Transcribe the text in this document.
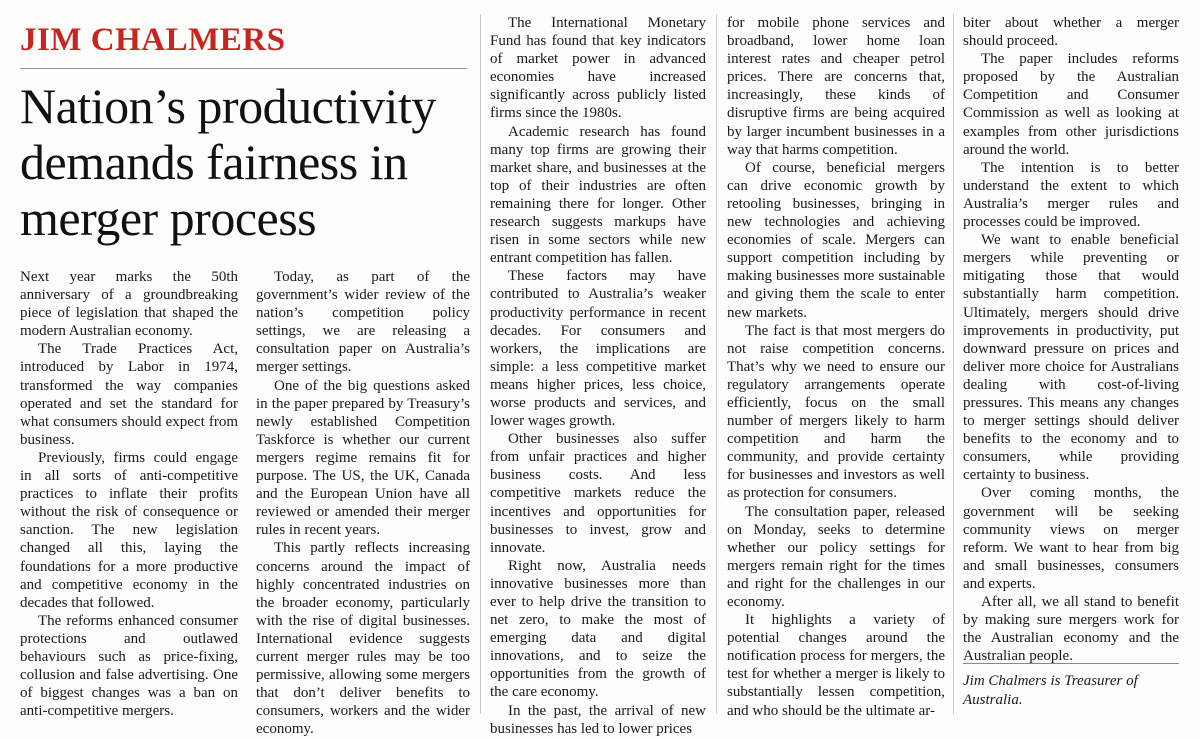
JIM CHALMERS
Nation’s productivity demands fairness in merger process

Next year marks the 50th anniversary of a groundbreaking piece of legislation that shaped the modern Australian economy.

The Trade Practices Act, introduced by Labor in 1974, transformed the way companies operated and set the standard for what consumers should expect from business.

Previously, firms could engage in all sorts of anti-competitive practices to inflate their profits without the risk of consequence or sanction. The new legislation changed all this, laying the foundations for a more productive and competitive economy in the decades that followed.

The reforms enhanced consumer protections and outlawed behaviours such as price-fixing, collusion and false advertising. One of biggest changes was a ban on anti-competitive mergers.

Today, as part of the government’s wider review of the nation’s competition policy settings, we are releasing a consultation paper on Australia’s merger settings.

One of the big questions asked in the paper prepared by Treasury’s newly established Competition Taskforce is whether our current mergers regime remains fit for purpose. The US, the UK, Canada and the European Union have all reviewed or amended their merger rules in recent years.

This partly reflects increasing concerns around the impact of highly concentrated industries on the broader economy, particularly with the rise of digital businesses. International evidence suggests current merger rules may be too permissive, allowing some mergers that don’t deliver benefits to consumers, workers and the wider economy.

The International Monetary Fund has found that key indicators of market power in advanced economies have increased significantly across publicly listed firms since the 1980s.

Academic research has found many top firms are growing their market share, and businesses at the top of their industries are often remaining there for longer. Other research suggests markups have risen in some sectors while new entrant competition has fallen.

These factors may have contributed to Australia’s weaker productivity performance in recent decades. For consumers and workers, the implications are simple: a less competitive market means higher prices, less choice, worse products and services, and lower wages growth.

Other businesses also suffer from unfair practices and higher business costs. And less competitive markets reduce the incentives and opportunities for businesses to invest, grow and innovate.

Right now, Australia needs innovative businesses more than ever to help drive the transition to net zero, to make the most of emerging data and digital innovations, and to seize the opportunities from the growth of the care economy.

In the past, the arrival of new businesses has led to lower prices

for mobile phone services and broadband, lower home loan interest rates and cheaper petrol prices. There are concerns that, increasingly, these kinds of disruptive firms are being acquired by larger incumbent businesses in a way that harms competition.

Of course, beneficial mergers can drive economic growth by retooling businesses, bringing in new technologies and achieving economies of scale. Mergers can support competition including by making businesses more sustainable and giving them the scale to enter new markets.

The fact is that most mergers do not raise competition concerns. That’s why we need to ensure our regulatory arrangements operate efficiently, focus on the small number of mergers likely to harm competition and harm the community, and provide certainty for businesses and investors as well as protection for consumers.

The consultation paper, released on Monday, seeks to determine whether our policy settings for mergers remain right for the times and right for the challenges in our economy.

It highlights a variety of potential changes around the notification process for mergers, the test for whether a merger is likely to substantially lessen competition, and who should be the ultimate ar-

biter about whether a merger should proceed.

The paper includes reforms proposed by the Australian Competition and Consumer Commission as well as looking at examples from other jurisdictions around the world.

The intention is to better understand the extent to which Australia’s merger rules and processes could be improved.

We want to enable beneficial mergers while preventing or mitigating those that would substantially harm competition. Ultimately, mergers should drive improvements in productivity, put downward pressure on prices and deliver more choice for Australians dealing with cost-of-living pressures. This means any changes to merger settings should deliver benefits to the economy and to consumers, while providing certainty to business.

Over coming months, the government will be seeking community views on merger reform. We want to hear from big and small businesses, consumers and experts.

After all, we all stand to benefit by making sure mergers work for the Australian economy and the Australian people.

Jim Chalmers is Treasurer of Australia.
